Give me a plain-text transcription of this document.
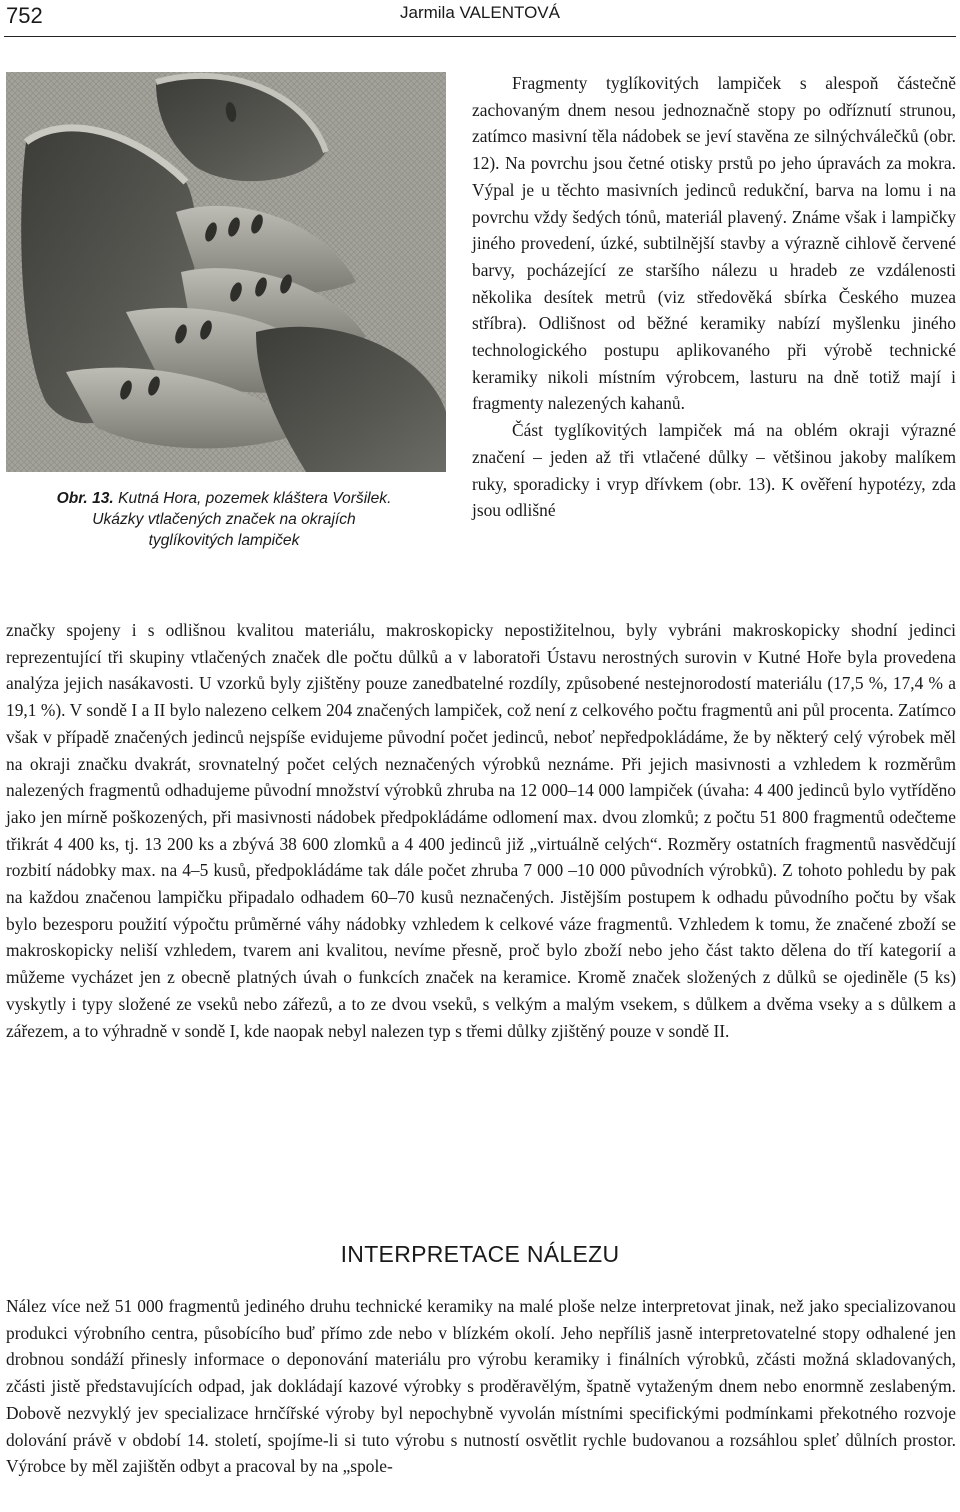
752	Jarmila VALENTOVÁ
Obr. 13. Kutná Hora, pozemek kláštera Voršilek.
Ukázky vtlačených značek na okrajích
tyglíkovitých lampiček

Fragmenty tyglíkovitých lampiček s alespoň částečně zachovaným dnem nesou jednoznačně stopy po odříznutí strunou, zatímco masivní těla nádobek se jeví stavěna ze silnýchválečků (obr. 12). Na povrchu jsou četné otisky prstů po jeho úpravách za mokra. Výpal je u těchto masivních jedinců redukční, barva na lomu i na povrchu vždy šedých tónů, materiál plavený. Známe však i lampičky jiného provedení, úzké, subtilnější stavby a výrazně cihlově červené barvy, pocházející ze staršího nálezu u hradeb ze vzdálenosti několika desítek metrů (viz středověká sbírka Českého muzea stříbra). Odlišnost od běžné keramiky nabízí myšlenku jiného technologického postupu aplikovaného při výrobě technické keramiky nikoli místním výrobcem, lasturu na dně totiž mají i fragmenty nalezených kahanů.

Část tyglíkovitých lampiček má na oblém okraji výrazné značení – jeden až tři vtlačené důlky – většinou jakoby malíkem ruky, sporadicky i vryp dřívkem (obr. 13). K ověření hypotézy, zda jsou odlišné

značky spojeny i s odlišnou kvalitou materiálu, makroskopicky nepostižitelnou, byly vybráni makroskopicky shodní jedinci reprezentující tři skupiny vtlačených značek dle počtu důlků a v laboratoři Ústavu nerostných surovin v Kutné Hoře byla provedena analýza jejich nasákavosti. U vzorků byly zjištěny pouze zanedbatelné rozdíly, způsobené nestejnorodostí materiálu (17,5 %, 17,4 % a 19,1 %). V sondě I a II bylo nalezeno celkem 204 značených lampiček, což není z celkového počtu fragmentů ani půl procenta. Zatímco však v případě značených jedinců nejspíše evidujeme původní počet jedinců, neboť nepředpokládáme, že by některý celý výrobek měl na okraji značku dvakrát, srovnatelný počet celých neznačených výrobků neznáme. Při jejich masivnosti a vzhledem k rozměrům nalezených fragmentů odhadujeme původní množství výrobků zhruba na 12 000–14 000 lampiček (úvaha: 4 400 jedinců bylo vytříděno jako jen mírně poškozených, při masivnosti nádobek předpokládáme odlomení max. dvou zlomků; z počtu 51 800 fragmentů odečteme třikrát 4 400 ks, tj. 13 200 ks a zbývá 38 600 zlomků a 4 400 jedinců již „virtuálně celých“. Rozměry ostatních fragmentů nasvědčují rozbití nádobky max. na 4–5 kusů, předpokládáme tak dále počet zhruba 7 000 –10 000 původních výrobků). Z tohoto pohledu by pak na každou značenou lampičku připadalo odhadem 60–70 kusů neznačených. Jistějším postupem k odhadu původního počtu by však bylo bezesporu použití výpočtu průměrné váhy nádobky vzhledem k celkové váze fragmentů. Vzhledem k tomu, že značené zboží se makroskopicky neliší vzhledem, tvarem ani kvalitou, nevíme přesně, proč bylo zboží nebo jeho část takto dělena do tří kategorií a můžeme vycházet jen z obecně platných úvah o funkcích značek na keramice. Kromě značek složených z důlků se ojediněle (5 ks) vyskytly i typy složené ze vseků nebo zářezů, a to ze dvou vseků, s velkým a malým vsekem, s důlkem a dvěma vseky a s důlkem a zářezem, a to výhradně v sondě I, kde naopak nebyl nalezen typ s třemi důlky zjištěný pouze v sondě II.

INTERPRETACE NÁLEZU

Nález více než 51 000 fragmentů jediného druhu technické keramiky na malé ploše nelze interpretovat jinak, než jako specializovanou produkci výrobního centra, působícího buď přímo zde nebo v blízkém okolí. Jeho nepříliš jasně interpretovatelné stopy odhalené jen drobnou sondáží přinesly informace o deponování materiálu pro výrobu keramiky i finálních výrobků, zčásti možná skladovaných, zčásti jistě představujících odpad, jak dokládají kazové výrobky s proděravělým, špatně vytaženým dnem nebo enormně zeslabeným. Dobově nezvyklý jev specializace hrnčířské výroby byl nepochybně vyvolán místními specifickými podmínkami překotného rozvoje dolování právě v období 14. století, spojíme-li si tuto výrobu s nutností osvětlit rychle budovanou a rozsáhlou spleť důlních prostor. Výrobce by měl zajištěn odbyt a pracoval by na „spole-
